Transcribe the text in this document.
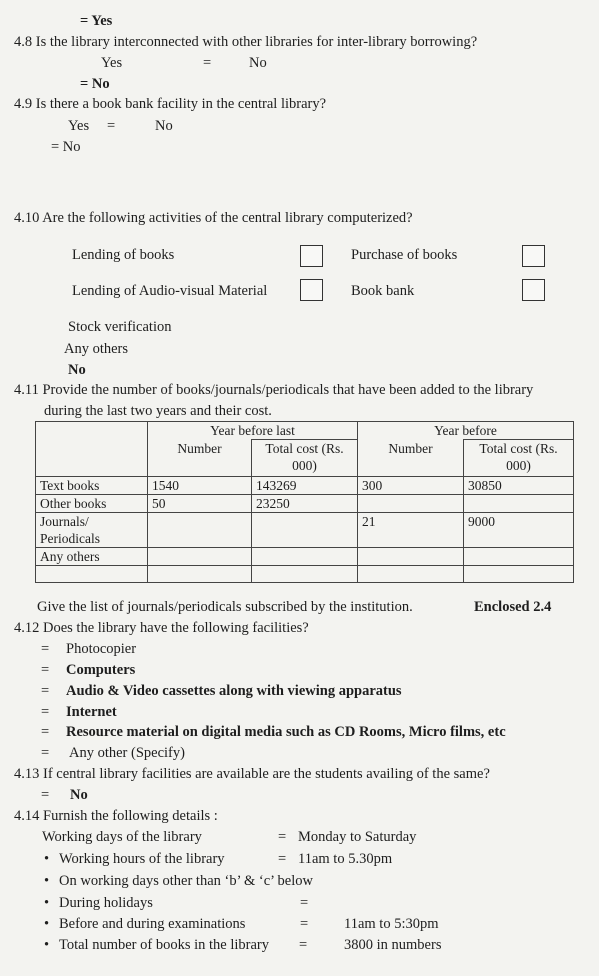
= Yes
4.8 Is the library interconnected with other libraries for inter-library borrowing?
Yes	=	No
= No
4.9 Is there a book bank facility in the central library?
Yes =	No
= No
4.10 Are the following activities of the central library computerized?
Lending of books	Purchase of books
Lending of Audio-visual Material	Book bank
Stock verification
Any others
No
4.11 Provide the number of books/journals/periodicals that have been added to the library
during the last two years and their cost.
	Year before last		Year before	
	Number	Total cost (Rs. 000)	Number	Total cost (Rs. 000)
Text books	1540	143269	300	30850
Other books	50	23250		
Journals/ Periodicals			21	9000
Any others				

Give the list of journals/periodicals subscribed by the institution.	Enclosed 2.4
4.12 Does the library have the following facilities?
= Photocopier
= Computers
= Audio & Video cassettes along with viewing apparatus
= Internet
= Resource material on digital media such as CD Rooms, Micro films, etc
= Any other (Specify)
4.13 If central library facilities are available are the students availing of the same?
= No
4.14 Furnish the following details :
Working days of the library	= Monday to Saturday
• Working hours of the library	= 11am to 5.30pm
• On working days other than ‘b’ & ‘c’ below
• During holidays	=
• Before and during examinations	= 11am to 5:30pm
• Total number of books in the library =	3800 in numbers
